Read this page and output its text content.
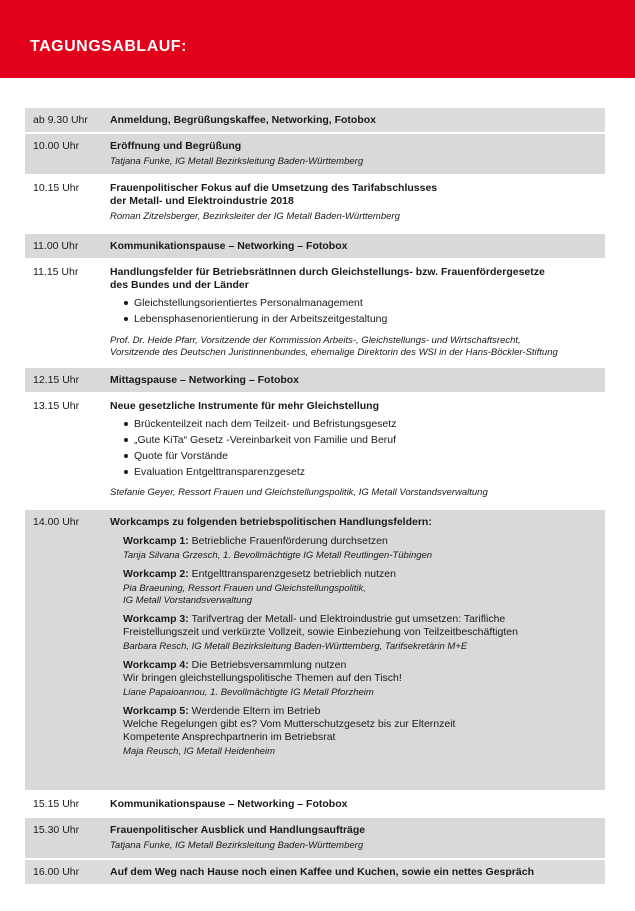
TAGUNGSABLAUF:
ab 9.30 Uhr Anmeldung, Begrüßungskaffee, Networking, Fotobox
10.00 Uhr	Eröffnung und Begrüßung
Tatjana Funke, IG Metall Bezirksleitung Baden-Württemberg
10.15 Uhr	Frauenpolitischer Fokus auf die Umsetzung des Tarifabschlusses
der Metall- und Elektroindustrie 2018
Roman Zitzelsberger, Bezirksleiter der IG Metall Baden-Württemberg
11.00 Uhr	Kommunikationspause – Networking – Fotobox
11.15 Uhr	Handlungsfelder für BetriebsrätInnen durch Gleichstellungs- bzw. Frauenfördergesetze
des Bundes und der Länder
Gleichstellungsorientiertes Personalmanagement
Lebensphasenorientierung in der Arbeitszeitgestaltung
Prof. Dr. Heide Pfarr, Vorsitzende der Kommission Arbeits-, Gleichstellungs- und Wirtschaftsrecht,
Vorsitzende des Deutschen Juristinnenbundes, ehemalige Direktorin des WSI in der Hans-Böckler-Stiftung
12.15 Uhr	Mittagspause – Networking – Fotobox
13.15 Uhr	Neue gesetzliche Instrumente für mehr Gleichstellung
Brückenteilzeit nach dem Teilzeit- und Befristungsgesetz
„Gute KiTa“ Gesetz -Vereinbarkeit von Familie und Beruf
Quote für Vorstände
Evaluation Entgelttransparenzgesetz
Stefanie Geyer, Ressort Frauen und Gleichstellungspolitik, IG Metall Vorstandsverwaltung
14.00 Uhr	Workcamps zu folgenden betriebspolitischen Handlungsfeldern:
Workcamp 1: Betriebliche Frauenförderung durchsetzen
Tanja Silvana Grzesch, 1. Bevollmächtigte IG Metall Reutlingen-Tübingen
Workcamp 2: Entgelttransparenzgesetz betrieblich nutzen
Pia Braeuning, Ressort Frauen und Gleichstellungspolitik,
IG Metall Vorstandsverwaltung
Workcamp 3: Tarifvertrag der Metall- und Elektroindustrie gut umsetzen: Tarifliche
Freistellungszeit und verkürzte Vollzeit, sowie Einbeziehung von Teilzeitbeschäftigten
Barbara Resch, IG Metall Bezirksleitung Baden-Württemberg, Tarifsekretärin M+E
Workcamp 4: Die Betriebsversammlung nutzen
Wir bringen gleichstellungspolitische Themen auf den Tisch!
Liane Papaioannou, 1. Bevollmächtigte IG Metall Pforzheim
Workcamp 5: Werdende Eltern im Betrieb
Welche Regelungen gibt es? Vom Mutterschutzgesetz bis zur Elternzeit
Kompetente Ansprechpartnerin im Betriebsrat
Maja Reusch, IG Metall Heidenheim
15.15 Uhr	Kommunikationspause – Networking – Fotobox
15.30 Uhr	Frauenpolitischer Ausblick und Handlungsaufträge
Tatjana Funke, IG Metall Bezirksleitung Baden-Württemberg
16.00 Uhr	Auf dem Weg nach Hause noch einen Kaffee und Kuchen, sowie ein nettes Gespräch
